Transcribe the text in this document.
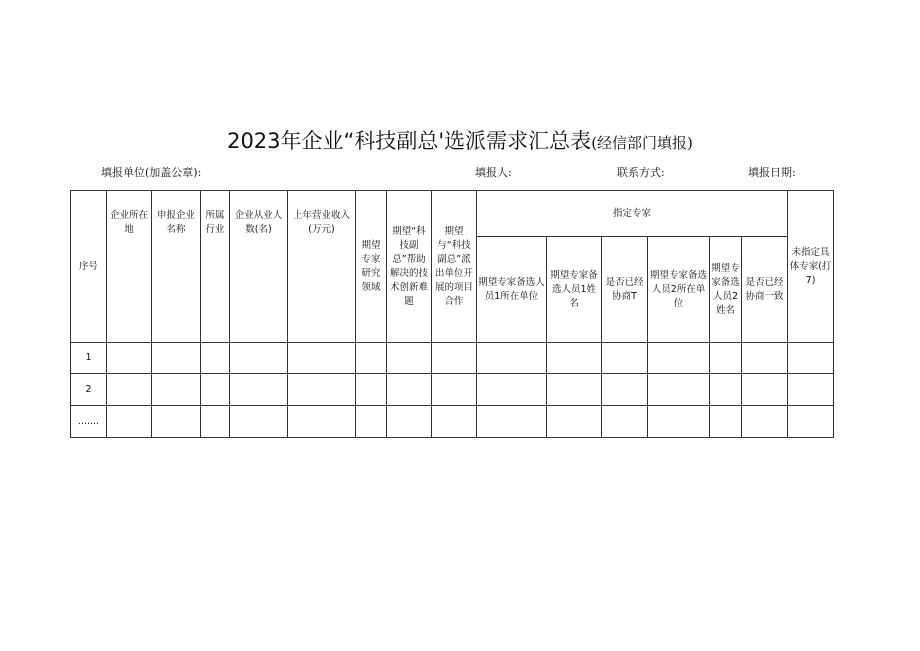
2023年企业“科技副总'选派需求汇总表(经信部门填报)
填报单位(加盖公章):	填报人:	联系方式:	填报日期:
序号	企业所在地	申报企业名称	所属行业	企业从业人数(名)	上年营业收入(万元)	期望专家研究领域	期望“科技副总”帮助解决的技术创新难题	期望与“科技副总”派出单位开展的项目合作	指定专家						未指定具体专家(打7)
									期望专家备选人员1所在单位	期望专家备选人员1姓名	是否已经协商T	期望专家备选人员2所在单位	期望专家备选人员2姓名	是否已经协商一致	
1															
2															
.......															
